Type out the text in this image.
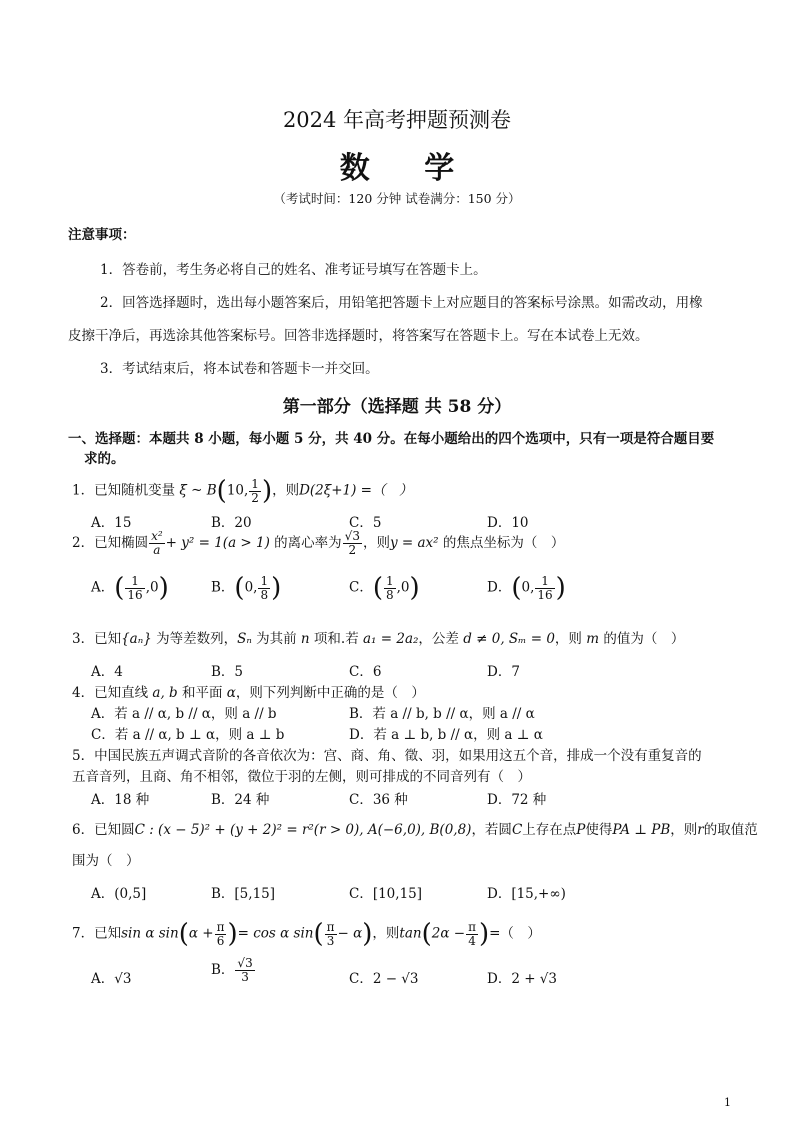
2024 年高考押题预测卷
数 学
（考试时间：120 分钟 试卷满分：150 分）
注意事项：
1．答卷前，考生务必将自己的姓名、准考证号填写在答题卡上。
2．回答选择题时，选出每小题答案后，用铅笔把答题卡上对应题目的答案标号涂黑。如需改动，用橡
皮擦干净后，再选涂其他答案标号。回答非选择题时，将答案写在答题卡上。写在本试卷上无效。
3．考试结束后，将本试卷和答题卡一并交回。
第一部分（选择题 共 58 分）
一、选择题：本题共 8 小题，每小题 5 分，共 40 分。在每小题给出的四个选项中，只有一项是符合题目要
求的。
1．已知随机变量 ξ ~ B(10, $\frac{1}{2}$ )，则D(2ξ+1) =（　）
A．15	B．20	C．5	D．10
2．已知椭圆 $\frac{\text{x²}}{a} + y^2 = 1(a > 1)$ 的离心率为 $\frac{√3}{2}$ ，则y = ax² 的焦点坐标为（　）
A．( $\frac{1}{16} ,0$)	B．(0, $\frac{1}{8}$ )	C．( $\frac{1}{8} ,0$)	D．(0, $\frac{1}{16}$ )
3．已知{aₙ} 为等差数列，Sₙ 为其前 n 项和.若 a₁ = 2a₂，公差 d ≠ 0, Sₘ = 0，则 m 的值为（　）
A．4	B．5	C．6	D．7
4．已知直线 a, b 和平面 α，则下列判断中正确的是（　）
A．若 a // α, b // α，则 a // b	B．若 a // b, b // α，则 a // α
C．若 a // α, b ⊥ α，则 a ⊥ b	D．若 a ⊥ b, b // α，则 a ⊥ α
5．中国民族五声调式音阶的各音依次为：宫、商、角、徵、羽，如果用这五个音，排成一个没有重复音的
五音音列，且商、角不相邻，徵位于羽的左侧，则可排成的不同音列有（　）
A．18 种	B．24 种	C．36 种	D．72 种
6．已知圆C : (x − 5)² + (y + 2)² = r²(r > 0), A(−6,0), B(0,8)，若圆C上存在点P使得PA ⊥ PB，则r的取值范
围为（　）
A．(0,5]	B．[5,15]	C．[10,15]	D．[15,+∞)
7．已知sin α $\sin(\alpha + \frac{\pi}{6}$ )= cos α $\sin( \frac{\pi}{3} - \alpha)$，则$\tan(2\alpha - \frac{\pi}{4}$ )=（　）
A．√3
B． $\frac{√3}{3}$	C．2 − √3	D．2 + √3
1
